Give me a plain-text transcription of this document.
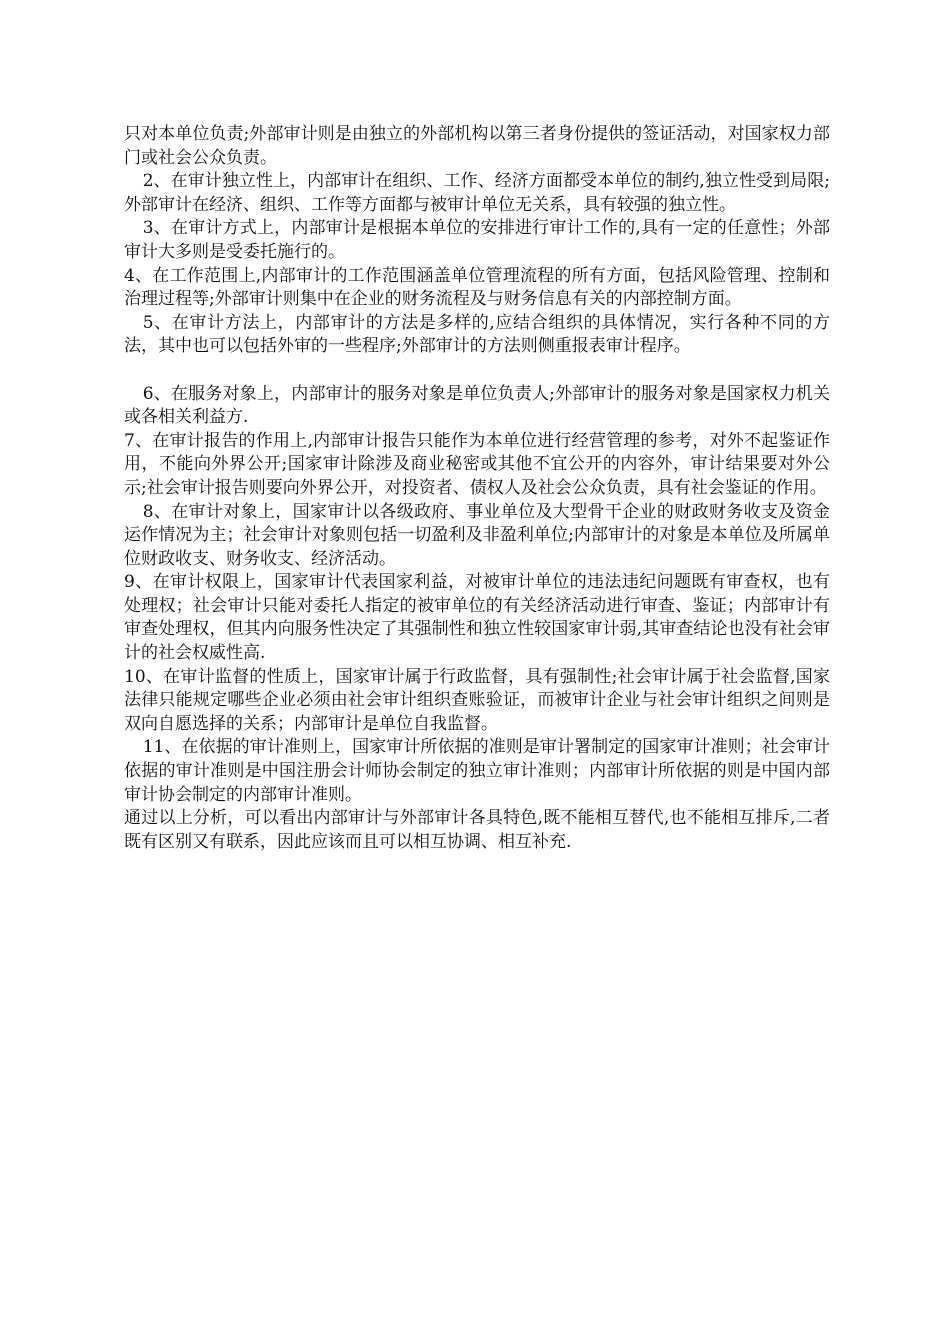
只对本单位负责;外部审计则是由独立的外部机构以第三者身份提供的签证活动，对国家权力部门或社会公众负责。

2、在审计独立性上，内部审计在组织、工作、经济方面都受本单位的制约,独立性受到局限;外部审计在经济、组织、工作等方面都与被审计单位无关系，具有较强的独立性。

3、在审计方式上，内部审计是根据本单位的安排进行审计工作的,具有一定的任意性；外部审计大多则是受委托施行的。

4、在工作范围上,内部审计的工作范围涵盖单位管理流程的所有方面，包括风险管理、控制和治理过程等;外部审计则集中在企业的财务流程及与财务信息有关的内部控制方面。

5、在审计方法上，内部审计的方法是多样的,应结合组织的具体情况，实行各种不同的方法，其中也可以包括外审的一些程序;外部审计的方法则侧重报表审计程序。

6、在服务对象上，内部审计的服务对象是单位负责人;外部审计的服务对象是国家权力机关或各相关利益方.

7、在审计报告的作用上,内部审计报告只能作为本单位进行经营管理的参考，对外不起鉴证作用，不能向外界公开;国家审计除涉及商业秘密或其他不宜公开的内容外，审计结果要对外公示;社会审计报告则要向外界公开，对投资者、债权人及社会公众负责，具有社会鉴证的作用。

8、在审计对象上，国家审计以各级政府、事业单位及大型骨干企业的财政财务收支及资金运作情况为主；社会审计对象则包括一切盈利及非盈利单位;内部审计的对象是本单位及所属单位财政收支、财务收支、经济活动。

9、在审计权限上，国家审计代表国家利益，对被审计单位的违法违纪问题既有审查权，也有处理权；社会审计只能对委托人指定的被审单位的有关经济活动进行审查、鉴证；内部审计有审查处理权，但其内向服务性决定了其强制性和独立性较国家审计弱,其审查结论也没有社会审计的社会权威性高.

10、在审计监督的性质上，国家审计属于行政监督，具有强制性;社会审计属于社会监督,国家法律只能规定哪些企业必须由社会审计组织查账验证，而被审计企业与社会审计组织之间则是双向自愿选择的关系；内部审计是单位自我监督。

11、在依据的审计准则上，国家审计所依据的准则是审计署制定的国家审计准则；社会审计依据的审计准则是中国注册会计师协会制定的独立审计准则；内部审计所依据的则是中国内部审计协会制定的内部审计准则。

通过以上分析，可以看出内部审计与外部审计各具特色,既不能相互替代,也不能相互排斥,二者既有区别又有联系，因此应该而且可以相互协调、相互补充.
